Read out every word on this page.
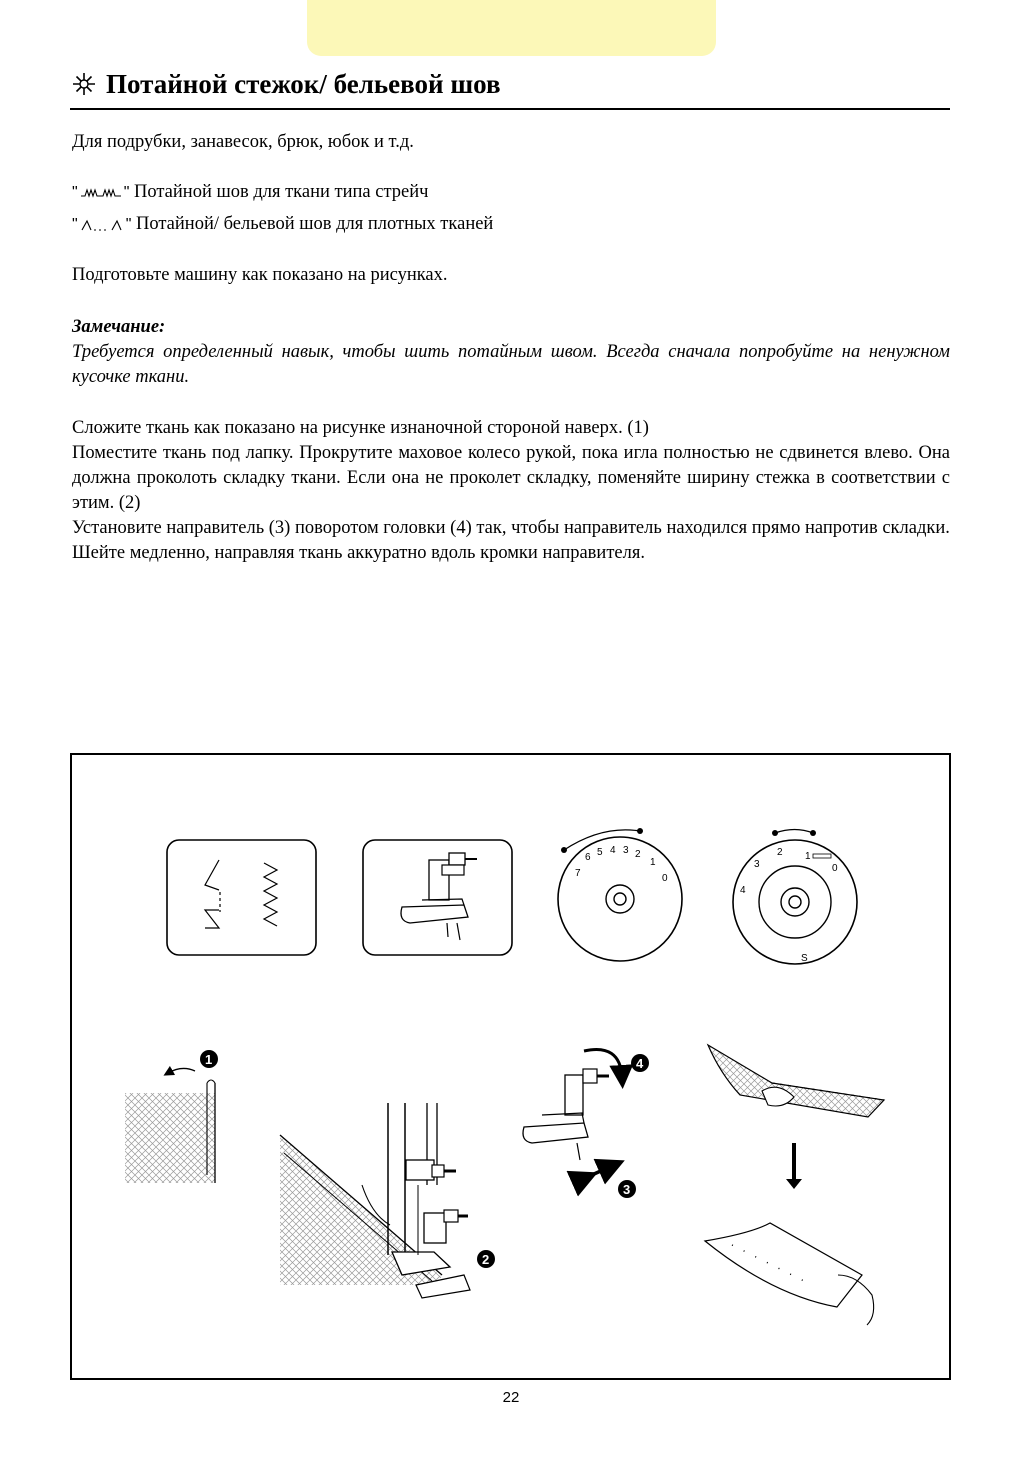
Потайной стежок/ бельевой шов
Для подрубки, занавесок, брюк, юбок и т.д.
"	" Потайной шов для ткани типа стрейч
"	" Потайной/ бельевой шов для плотных тканей
Подготовьте машину как показано на рисунках.
Замечание:
Требуется определенный навык, чтобы шить потайным швом. Всегда сначала попробуйте на ненужном кусочке ткани.
Сложите ткань как показано на рисунке изнаночной стороной наверх. (1)
Поместите ткань под лапку. Прокрутите маховое колесо рукой, пока игла полностью не сдвинется влево. Она должна проколоть складку ткани. Если она не проколет складку, поменяйте ширину стежка в соответствии с этим. (2)
Установите направитель (3) поворотом головки (4) так, чтобы направитель находился прямо напротив складки.
Шейте медленно, направляя ткань аккуратно вдоль кромки направителя.
7
6 5 4 3 2
1
0
4
3
2 1
0
S
1
2
3
4
22
